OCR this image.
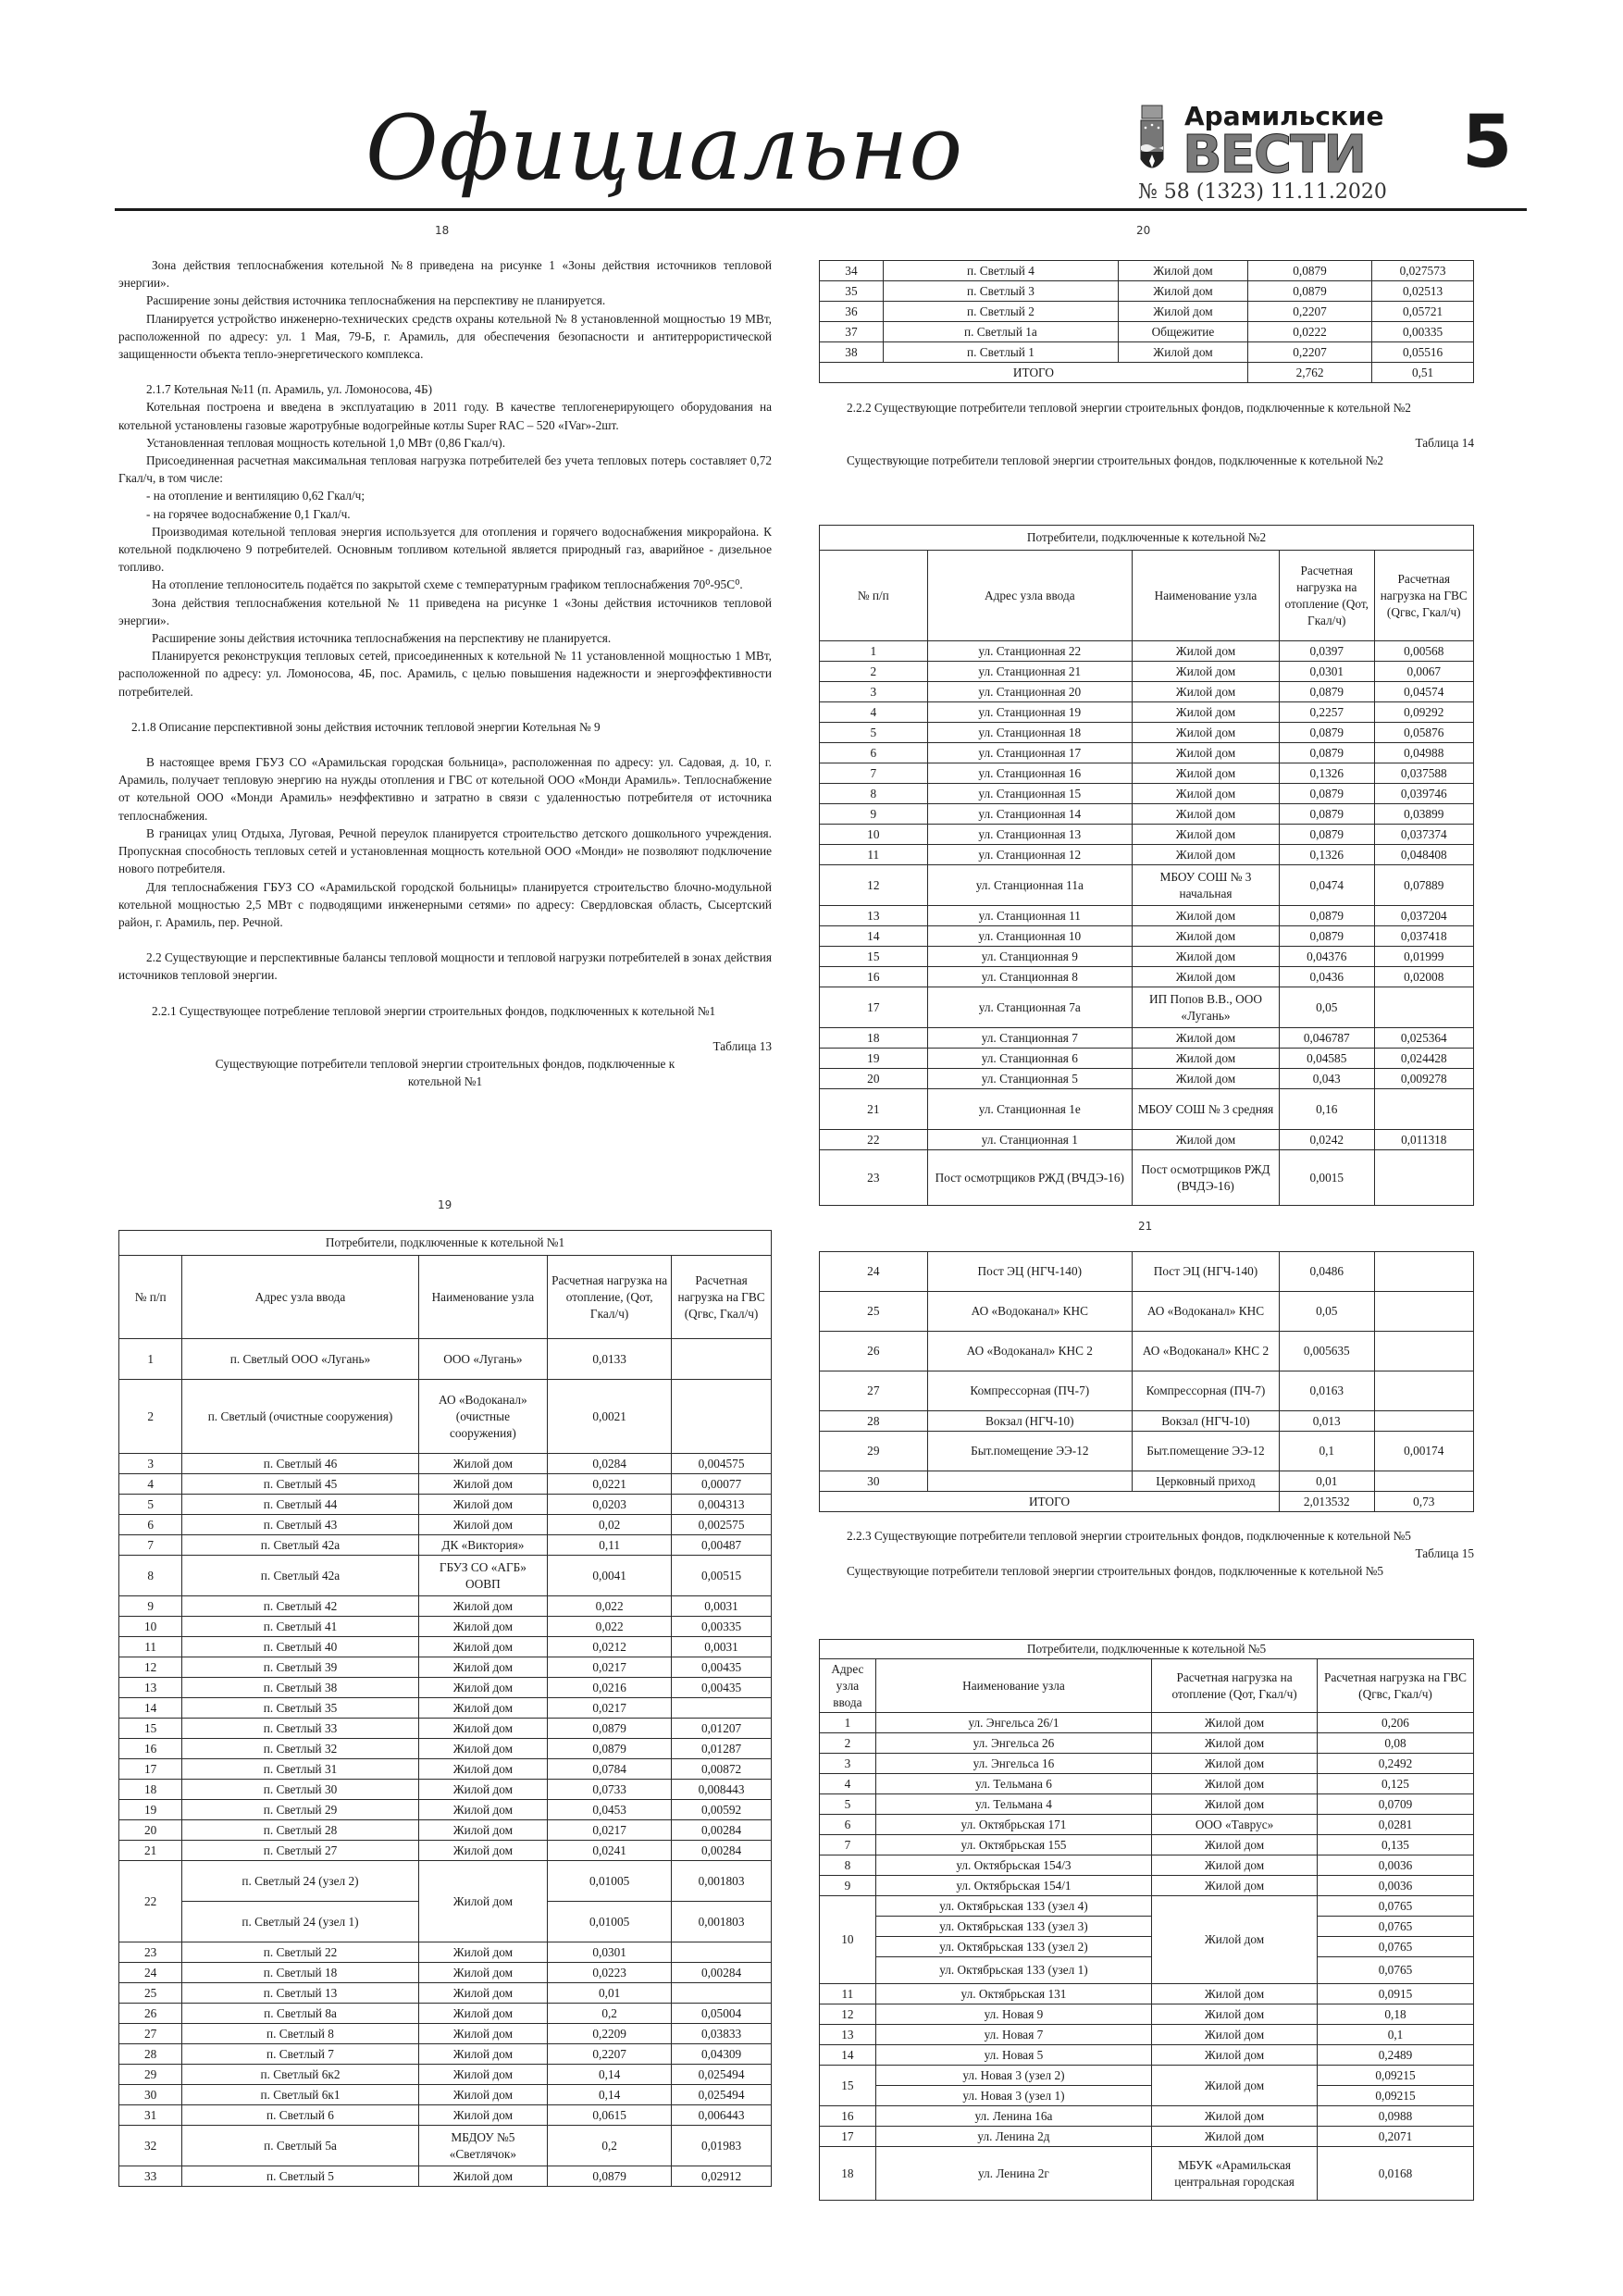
Официально	Арамильские
ВЕСТИ
№ 58 (1323) 11.11.2020
5
18	20
19
21

Зона действия теплоснабжения котельной №8 приведена на рисунке 1 «Зоны действия источников тепловой энергии».

Расширение зоны действия источника теплоснабжения на перспективу не планируется.

Планируется устройство инженерно-технических средств охраны котельной № 8 установленной мощностью 19 МВт, расположенной по адресу: ул. 1 Мая, 79-Б, г. Арамиль, для обеспечения безопасности и антитеррористической защищенности объекта тепло-энергетического комплекса.

2.1.7 Котельная №11 (п. Арамиль, ул. Ломоносова, 4Б)

Котельная построена и введена в эксплуатацию в 2011 году. В качестве теплогенерирующего оборудования на котельной установлены газовые жаротрубные водогрейные котлы Super RAC – 520 «IVar»-2шт.

Установленная тепловая мощность котельной 1,0 МВт (0,86 Гкал/ч).

Присоединенная расчетная максимальная тепловая нагрузка потребителей без учета тепловых потерь составляет 0,72 Гкал/ч, в том числе:

- на отопление и вентиляцию 0,62 Гкал/ч;

- на горячее водоснабжение 0,1 Гкал/ч.

Производимая котельной тепловая энергия используется для отопления и горячего водоснабжения микрорайона. К котельной подключено 9 потребителей. Основным топливом котельной является природный газ, аварийное - дизельное топливо.

На отопление теплоноситель подаётся по закрытой схеме с температурным графиком теплоснабжения 70⁰-95С⁰.

Зона действия теплоснабжения котельной № 11 приведена на рисунке 1 «Зоны действия источников тепловой энергии».

Расширение зоны действия источника теплоснабжения на перспективу не планируется.

Планируется реконструкция тепловых сетей, присоединенных к котельной № 11 установленной мощностью 1 МВт, расположенной по адресу: ул. Ломоносова, 4Б, пос. Арамиль, с целью повышения надежности и энергоэффективности потребителей.

2.1.8 Описание перспективной зоны действия источник тепловой энергии Котельная № 9

В настоящее время ГБУЗ СО «Арамильская городская больница», расположенная по адресу: ул. Садовая, д. 10, г. Арамиль, получает тепловую энергию на нужды отопления и ГВС от котельной ООО «Монди Арамиль». Теплоснабжение от котельной ООО «Монди Арамиль» неэффективно и затратно в связи с удаленностью потребителя от источника теплоснабжения.

В границах улиц Отдыха, Луговая, Речной переулок планируется строительство детского дошкольного учреждения. Пропускная способность тепловых сетей и установленная мощность котельной ООО «Монди» не позволяют подключение нового потребителя.

Для теплоснабжения ГБУЗ СО «Арамильской городской больницы» планируется строительство блочно-модульной котельной мощностью 2,5 МВт с подводящими инженерными сетями» по адресу: Свердловская область, Сысертский район, г. Арамиль, пер. Речной.

2.2 Существующие и перспективные балансы тепловой мощности и тепловой нагрузки потребителей в зонах действия источников тепловой энергии.

2.2.1 Существующее потребление тепловой энергии строительных фондов, подключенных к котельной №1

Таблица 13

Существующие потребители тепловой энергии строительных фондов, подключенные к котельной №1

Потребители, подключенные к котельной №1				
№ п/п	Адрес узла ввода	Наименование узла	Расчетная нагрузка на отопление, (Qот, Гкал/ч)	Расчетная нагрузка на ГВС (Qгвс, Гкал/ч)
1	п. Светлый ООО «Лугань»	ООО «Лугань»	0,0133	
2	п. Светлый (очистные сооружения)	АО «Водоканал» (очистные сооружения)	0,0021	
3	п. Светлый 46	Жилой дом	0,0284	0,004575
4	п. Светлый 45	Жилой дом	0,0221	0,00077
5	п. Светлый 44	Жилой дом	0,0203	0,004313
6	п. Светлый 43	Жилой дом	0,02	0,002575
7	п. Светлый 42а	ДК «Виктория»	0,11	0,00487
8	п. Светлый 42а	ГБУЗ СО «АГБ» ООВП	0,0041	0,00515
9	п. Светлый 42	Жилой дом	0,022	0,0031
10	п. Светлый 41	Жилой дом	0,022	0,00335
11	п. Светлый 40	Жилой дом	0,0212	0,0031
12	п. Светлый 39	Жилой дом	0,0217	0,00435
13	п. Светлый 38	Жилой дом	0,0216	0,00435
14	п. Светлый 35	Жилой дом	0,0217	
15	п. Светлый 33	Жилой дом	0,0879	0,01207
16	п. Светлый 32	Жилой дом	0,0879	0,01287
17	п. Светлый 31	Жилой дом	0,0784	0,00872
18	п. Светлый 30	Жилой дом	0,0733	0,008443
19	п. Светлый 29	Жилой дом	0,0453	0,00592
20	п. Светлый 28	Жилой дом	0,0217	0,00284
21	п. Светлый 27	Жилой дом	0,0241	0,00284
22	п. Светлый 24 (узел 2)	Жилой дом	0,01005	0,001803
	п. Светлый 24 (узел 1)		0,01005	0,001803
23	п. Светлый 22	Жилой дом	0,0301	
24	п. Светлый 18	Жилой дом	0,0223	0,00284
25	п. Светлый 13	Жилой дом	0,01	
26	п. Светлый 8а	Жилой дом	0,2	0,05004
27	п. Светлый 8	Жилой дом	0,2209	0,03833
28	п. Светлый 7	Жилой дом	0,2207	0,04309
29	п. Светлый 6к2	Жилой дом	0,14	0,025494
30	п. Светлый 6к1	Жилой дом	0,14	0,025494
31	п. Светлый 6	Жилой дом	0,0615	0,006443
32	п. Светлый 5а	МБДОУ №5 «Светлячок»	0,2	0,01983
33	п. Светлый 5	Жилой дом	0,0879	0,02912
34	п. Светлый 4	Жилой дом	0,0879	0,027573
35	п. Светлый 3	Жилой дом	0,0879	0,02513
36	п. Светлый 2	Жилой дом	0,2207	0,05721
37	п. Светлый 1а	Общежитие	0,0222	0,00335
38	п. Светлый 1	Жилой дом	0,2207	0,05516
ИТОГО			2,762	0,51

2.2.2 Существующие потребители тепловой энергии строительных фондов, подключенные к котельной №2

Таблица 14

Существующие потребители тепловой энергии строительных фондов, подключенные к котельной №2

Потребители, подключенные к котельной №2				
№ п/п	Адрес узла ввода	Наименование узла	Расчетная нагрузка на отопление (Qот, Гкал/ч)	Расчетная нагрузка на ГВС (Qгвс, Гкал/ч)
1	ул. Станционная 22	Жилой дом	0,0397	0,00568
2	ул. Станционная 21	Жилой дом	0,0301	0,0067
3	ул. Станционная 20	Жилой дом	0,0879	0,04574
4	ул. Станционная 19	Жилой дом	0,2257	0,09292
5	ул. Станционная 18	Жилой дом	0,0879	0,05876
6	ул. Станционная 17	Жилой дом	0,0879	0,04988
7	ул. Станционная 16	Жилой дом	0,1326	0,037588
8	ул. Станционная 15	Жилой дом	0,0879	0,039746
9	ул. Станционная 14	Жилой дом	0,0879	0,03899
10	ул. Станционная 13	Жилой дом	0,0879	0,037374
11	ул. Станционная 12	Жилой дом	0,1326	0,048408
12	ул. Станционная 11а	МБОУ СОШ № 3 начальная	0,0474	0,07889
13	ул. Станционная 11	Жилой дом	0,0879	0,037204
14	ул. Станционная 10	Жилой дом	0,0879	0,037418
15	ул. Станционная 9	Жилой дом	0,04376	0,01999
16	ул. Станционная 8	Жилой дом	0,0436	0,02008
17	ул. Станционная 7а	ИП Попов В.В., ООО «Лугань»	0,05	
18	ул. Станционная 7	Жилой дом	0,046787	0,025364
19	ул. Станционная 6	Жилой дом	0,04585	0,024428
20	ул. Станционная 5	Жилой дом	0,043	0,009278
21	ул. Станционная 1е	МБОУ СОШ № 3 средняя	0,16	
22	ул. Станционная 1	Жилой дом	0,0242	0,011318
23	Пост осмотрщиков РЖД (ВЧДЭ-16)	Пост осмотрщиков РЖД (ВЧДЭ-16)	0,0015	
24	Пост ЭЦ (НГЧ-140)	Пост ЭЦ (НГЧ-140)	0,0486	
25	АО «Водоканал» КНС	АО «Водоканал» КНС	0,05	
26	АО «Водоканал» КНС 2	АО «Водоканал» КНС 2	0,005635	
27	Компрессорная (ПЧ-7)	Компрессорная (ПЧ-7)	0,0163	
28	Вокзал (НГЧ-10)	Вокзал (НГЧ-10)	0,013	
29	Быт.помещение ЭЭ-12	Быт.помещение ЭЭ-12	0,1	0,00174
30		Церковный приход	0,01	
ИТОГО			2,013532	0,73

2.2.3 Существующие потребители тепловой энергии строительных фондов, подключенные к котельной №5

Таблица 15

Существующие потребители тепловой энергии строительных фондов, подключенные к котельной №5

Потребители, подключенные к котельной №5			
Адрес узла ввода	Наименование узла	Расчетная нагрузка на отопление (Qот, Гкал/ч)	Расчетная нагрузка на ГВС (Qгвс, Гкал/ч)
1	ул. Энгельса 26/1	Жилой дом	0,206
2	ул. Энгельса 26	Жилой дом	0,08
3	ул. Энгельса 16	Жилой дом	0,2492
4	ул. Тельмана 6	Жилой дом	0,125
5	ул. Тельмана 4	Жилой дом	0,0709
6	ул. Октябрьская 171	ООО «Таврус»	0,0281
7	ул. Октябрьская 155	Жилой дом	0,135
8	ул. Октябрьская 154/3	Жилой дом	0,0036
9	ул. Октябрьская 154/1	Жилой дом	0,0036
10	ул. Октябрьская 133 (узел 4)	Жилой дом	0,0765
	ул. Октябрьская 133 (узел 3)		0,0765
	ул. Октябрьская 133 (узел 2)		0,0765
	ул. Октябрьская 133 (узел 1)		0,0765
11	ул. Октябрьская 131	Жилой дом	0,0915
12	ул. Новая 9	Жилой дом	0,18
13	ул. Новая 7	Жилой дом	0,1
14	ул. Новая 5	Жилой дом	0,2489
15	ул. Новая 3 (узел 2)	Жилой дом	0,09215
	ул. Новая 3 (узел 1)		0,09215
16	ул. Ленина 16а	Жилой дом	0,0988
17	ул. Ленина 2д	Жилой дом	0,2071
18	ул. Ленина 2г	МБУК «Арамильская центральная городская	0,0168
